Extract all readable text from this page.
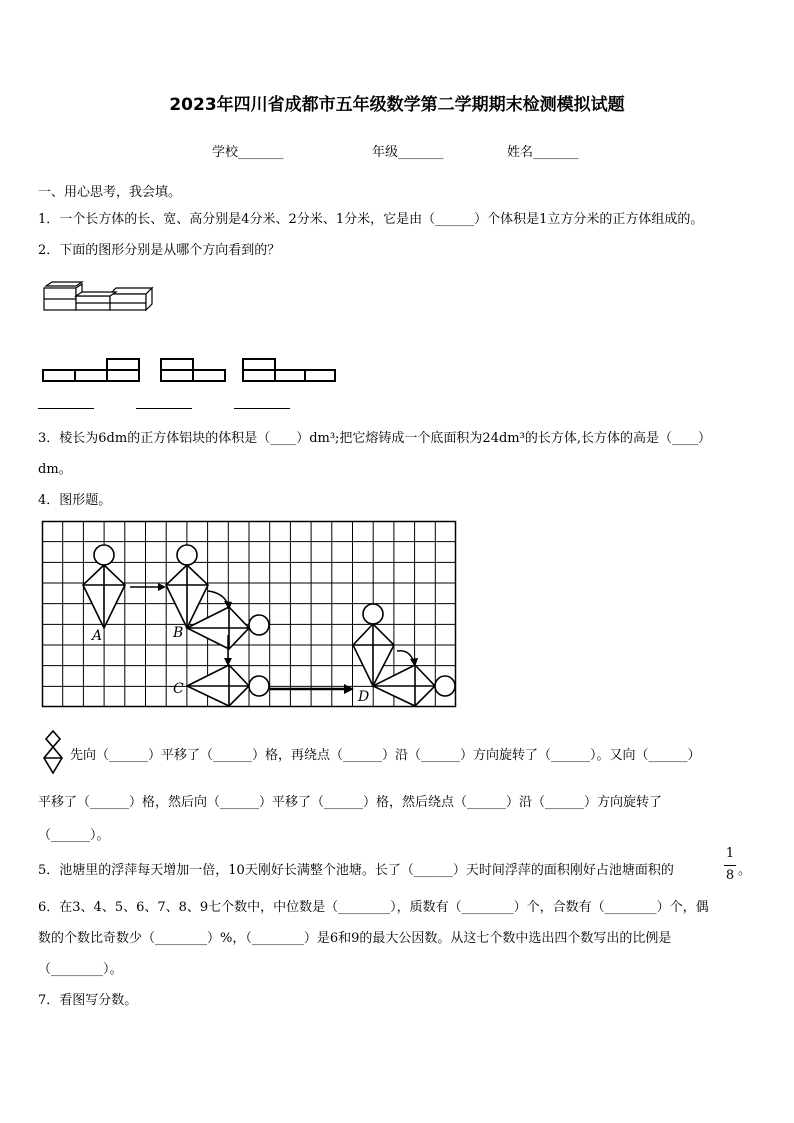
2023年四川省成都市五年级数学第二学期期末检测模拟试题
学校_______	年级_______	姓名_______
一、用心思考，我会填。
1．一个长方体的长、宽、高分别是4分米、2分米、1分米，它是由（______）个体积是1立方分米的正方体组成的。
2．下面的图形分别是从哪个方向看到的？
3．棱长为6dm的正方体铝块的体积是（____）dm³;把它熔铸成一个底面积为24dm³的长方体,长方体的高是（____）
dm。
4．图形题。
A	B
C	D
先向（______）平移了（______）格，再绕点（______）沿（______）方向旋转了（______）。又向（______）
平移了（______）格，然后向（______）平移了（______）格，然后绕点（______）沿（______）方向旋转了
（______）。
5．池塘里的浮萍每天增加一倍，10天刚好长满整个池塘。长了（______）天时间浮萍的面积刚好占池塘面积的
1
8 。
6．在3、4、5、6、7、8、9七个数中，中位数是（________），质数有（________）个，合数有（________）个，偶
数的个数比奇数少（________）%，（________）是6和9的最大公因数。从这七个数中选出四个数写出的比例是
（________）。
7．看图写分数。
